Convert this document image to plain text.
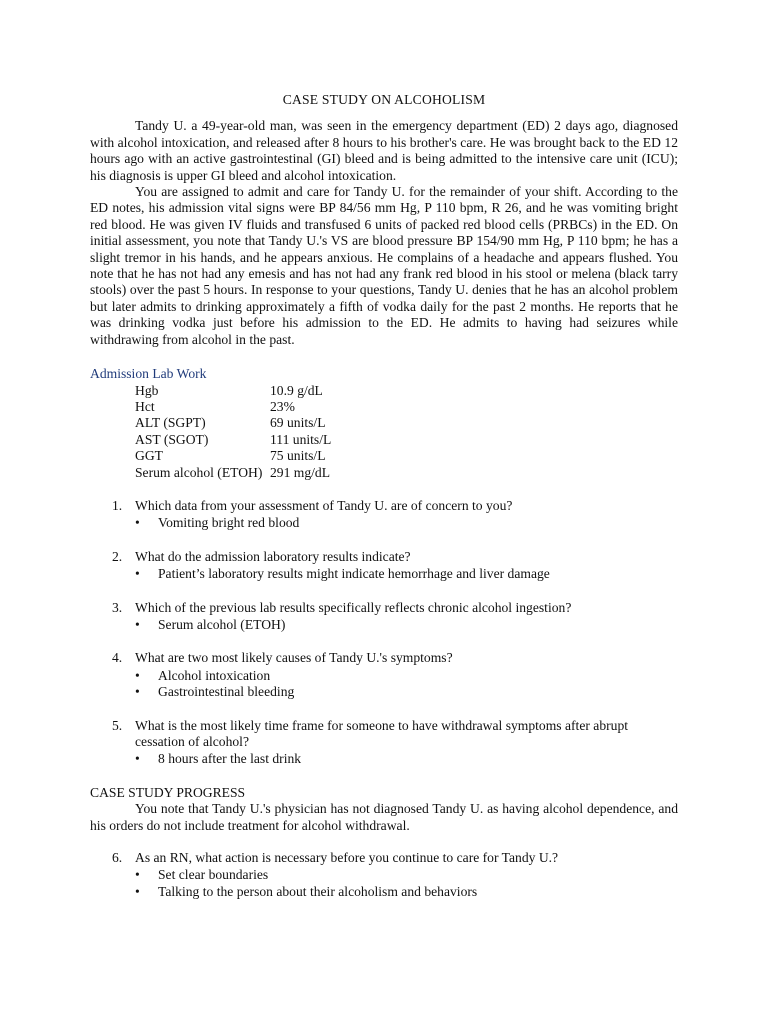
CASE STUDY ON ALCOHOLISM

Tandy U. a 49-year-old man, was seen in the emergency department (ED) 2 days ago, diagnosed with alcohol intoxication, and released after 8 hours to his brother's care. He was brought back to the ED 12 hours ago with an active gastrointestinal (GI) bleed and is being admitted to the intensive care unit (ICU); his diagnosis is upper GI bleed and alcohol intoxication.

You are assigned to admit and care for Tandy U. for the remainder of your shift. According to the ED notes, his admission vital signs were BP 84/56 mm Hg, P 110 bpm, R 26, and he was vomiting bright red blood. He was given IV fluids and transfused 6 units of packed red blood cells (PRBCs) in the ED. On initial assessment, you note that Tandy U.'s VS are blood pressure BP 154/90 mm Hg, P 110 bpm; he has a slight tremor in his hands, and he appears anxious. He complains of a headache and appears flushed. You note that he has not had any emesis and has not had any frank red blood in his stool or melena (black tarry stools) over the past 5 hours. In response to your questions, Tandy U. denies that he has an alcohol problem but later admits to drinking approximately a fifth of vodka daily for the past 2 months. He reports that he was drinking vodka just before his admission to the ED. He admits to having had seizures while withdrawing from alcohol in the past.

Admission Lab Work
Hgb	10.9 g/dL
Hct	23%
ALT (SGPT)	69 units/L
AST (SGOT)	111 units/L
GGT	75 units/L
Serum alcohol (ETOH)	291 mg/dL
1. Which data from your assessment of Tandy U. are of concern to you?
• Vomiting bright red blood
2. What do the admission laboratory results indicate?
• Patient’s laboratory results might indicate hemorrhage and liver damage
3. Which of the previous lab results specifically reflects chronic alcohol ingestion?
• Serum alcohol (ETOH)
4. What are two most likely causes of Tandy U.'s symptoms?
• Alcohol intoxication
• Gastrointestinal bleeding
5. What is the most likely time frame for someone to have withdrawal symptoms after abrupt cessation of alcohol?
• 8 hours after the last drink
CASE STUDY PROGRESS

You note that Tandy U.'s physician has not diagnosed Tandy U. as having alcohol dependence, and his orders do not include treatment for alcohol withdrawal.

6. As an RN, what action is necessary before you continue to care for Tandy U.?
• Set clear boundaries
• Talking to the person about their alcoholism and behaviors
